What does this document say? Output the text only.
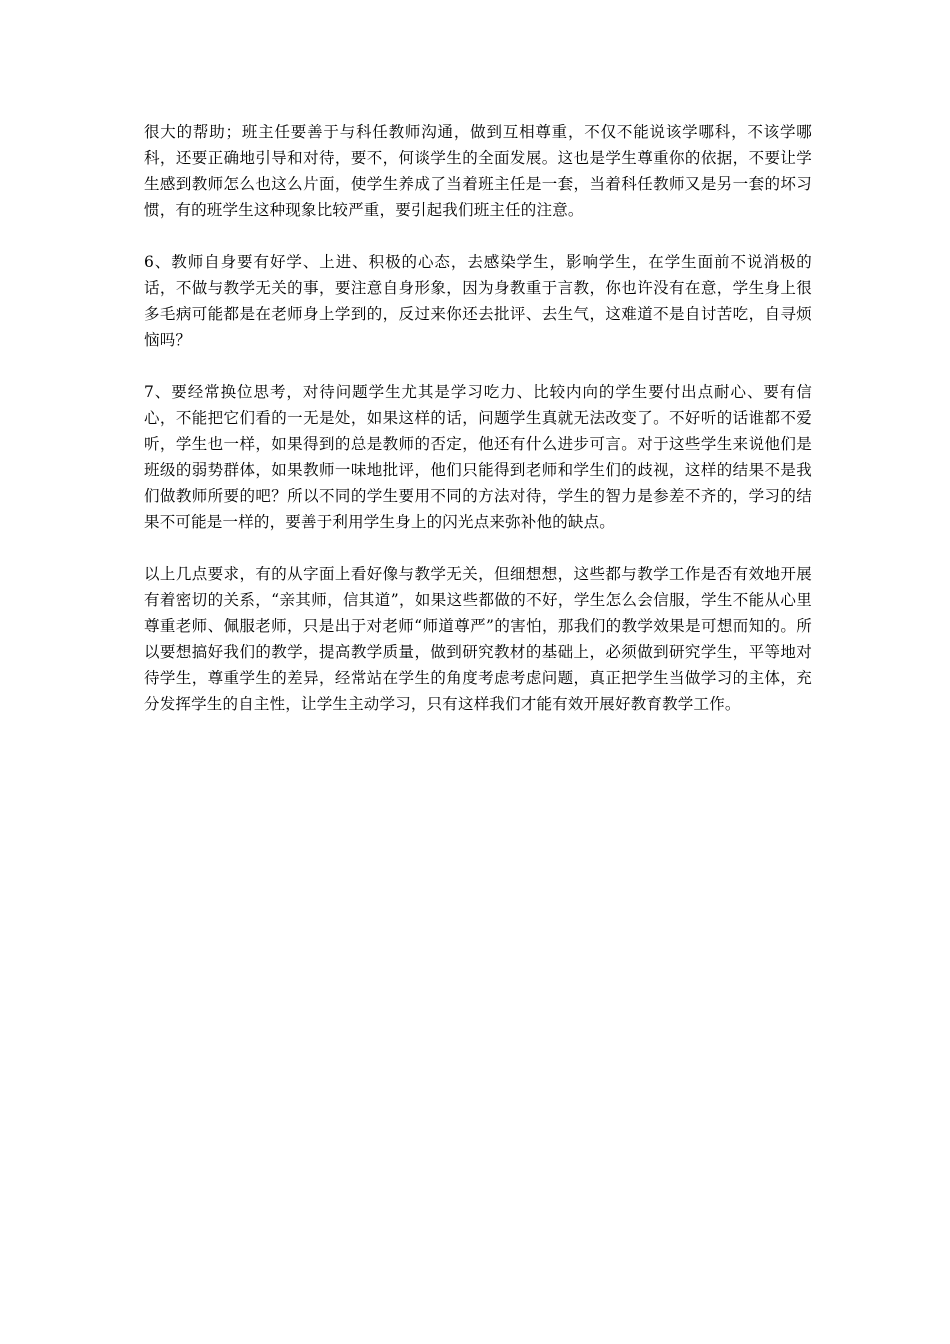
很大的帮助；班主任要善于与科任教师沟通，做到互相尊重，不仅不能说该学哪科，不该学哪科，还要正确地引导和对待，要不，何谈学生的全面发展。这也是学生尊重你的依据，不要让学生感到教师怎么也这么片面，使学生养成了当着班主任是一套，当着科任教师又是另一套的坏习惯，有的班学生这种现象比较严重，要引起我们班主任的注意。

6、教师自身要有好学、上进、积极的心态，去感染学生，影响学生，在学生面前不说消极的话，不做与教学无关的事，要注意自身形象，因为身教重于言教，你也许没有在意，学生身上很多毛病可能都是在老师身上学到的，反过来你还去批评、去生气，这难道不是自讨苦吃，自寻烦恼吗？

7、要经常换位思考，对待问题学生尤其是学习吃力、比较内向的学生要付出点耐心、要有信心，不能把它们看的一无是处，如果这样的话，问题学生真就无法改变了。不好听的话谁都不爱听，学生也一样，如果得到的总是教师的否定，他还有什么进步可言。对于这些学生来说他们是班级的弱势群体，如果教师一味地批评，他们只能得到老师和学生们的歧视，这样的结果不是我们做教师所要的吧？所以不同的学生要用不同的方法对待，学生的智力是参差不齐的，学习的结果不可能是一样的，要善于利用学生身上的闪光点来弥补他的缺点。

以上几点要求，有的从字面上看好像与教学无关，但细想想，这些都与教学工作是否有效地开展有着密切的关系，“亲其师，信其道”，如果这些都做的不好，学生怎么会信服，学生不能从心里尊重老师、佩服老师，只是出于对老师“师道尊严”的害怕，那我们的教学效果是可想而知的。所以要想搞好我们的教学，提高教学质量，做到研究教材的基础上，必须做到研究学生，平等地对待学生，尊重学生的差异，经常站在学生的角度考虑考虑问题，真正把学生当做学习的主体，充分发挥学生的自主性，让学生主动学习，只有这样我们才能有效开展好教育教学工作。
